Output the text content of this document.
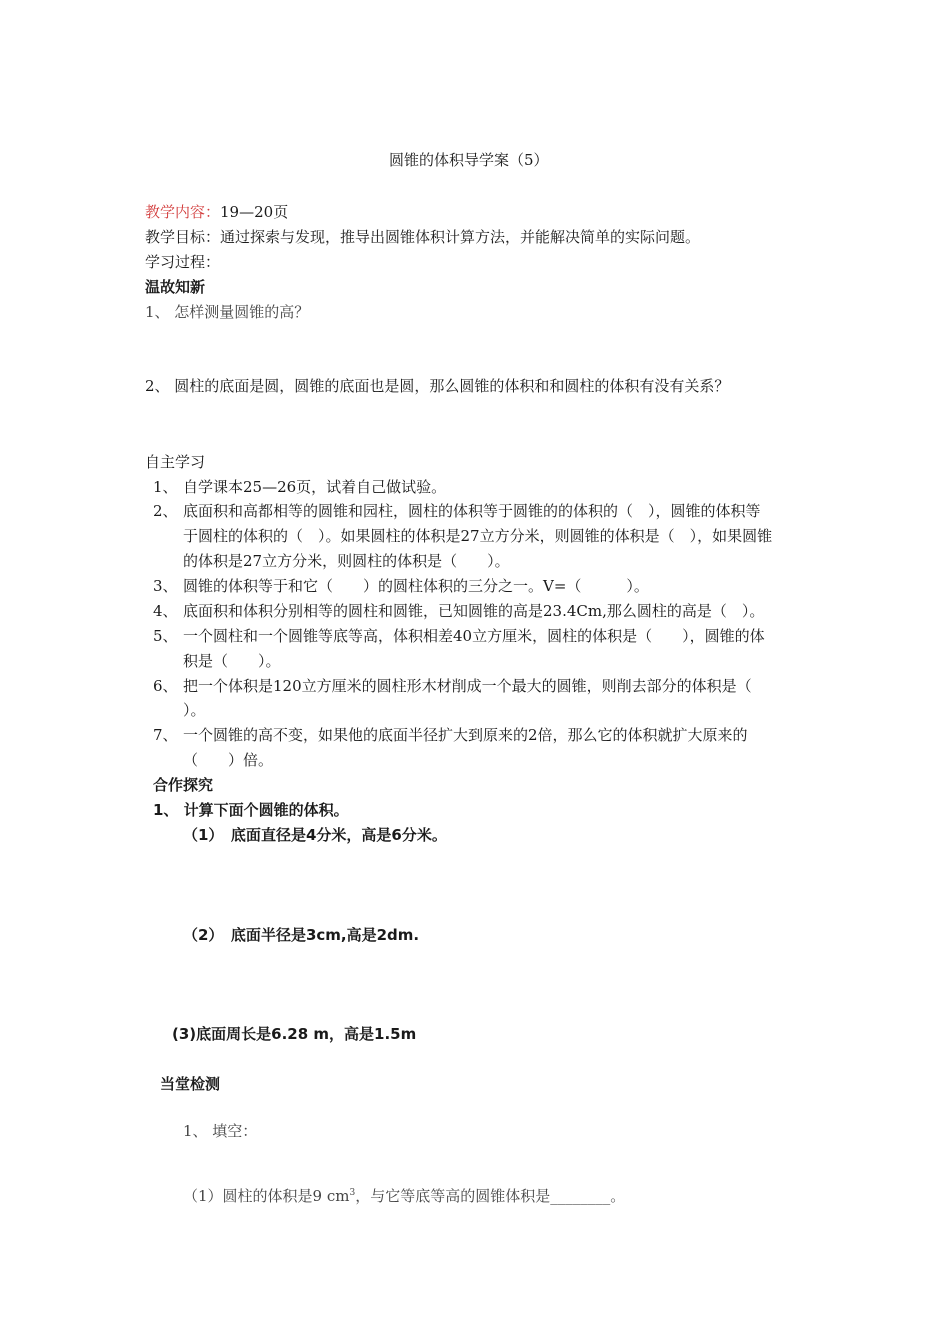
圆锥的体积导学案（5）
教学内容：19—20页
教学目标：通过探索与发现，推导出圆锥体积计算方法，并能解决简单的实际问题。
学习过程：
温故知新
1、 怎样测量圆锥的高？
2、 圆柱的底面是圆，圆锥的底面也是圆，那么圆锥的体积和和圆柱的体积有没有关系？
自主学习
1、 自学课本25—26页，试着自己做试验。
2、 底面积和高都相等的圆锥和园柱，圆柱的体积等于圆锥的的体积的（　），圆锥的体积等
于圆柱的体积的（　）。如果圆柱的体积是27立方分米，则圆锥的体积是（　），如果圆锥
的体积是27立方分米，则圆柱的体积是（　　）。
3、 圆锥的体积等于和它（　　）的圆柱体积的三分之一。V=（　　　）。
4、 底面积和体积分别相等的圆柱和圆锥，已知圆锥的高是23.4Cm,那么圆柱的高是（　）。
5、 一个圆柱和一个圆锥等底等高，体积相差40立方厘米，圆柱的体积是（　　），圆锥的体
积是（　　）。
6、 把一个体积是120立方厘米的圆柱形木材削成一个最大的圆锥，则削去部分的体积是（
）。
7、 一个圆锥的高不变，如果他的底面半径扩大到原来的2倍，那么它的体积就扩大原来的
（　　）倍。
合作探究
1、 计算下面个圆锥的体积。
（1）　底面直径是4分米，高是6分米。
（2）　底面半径是3cm,高是2dm.
(3)底面周长是6.28 m，高是1.5m
当堂检测
1、 填空：
（1）圆柱的体积是9 $cm^3$，与它等底等高的圆锥体积是________。
